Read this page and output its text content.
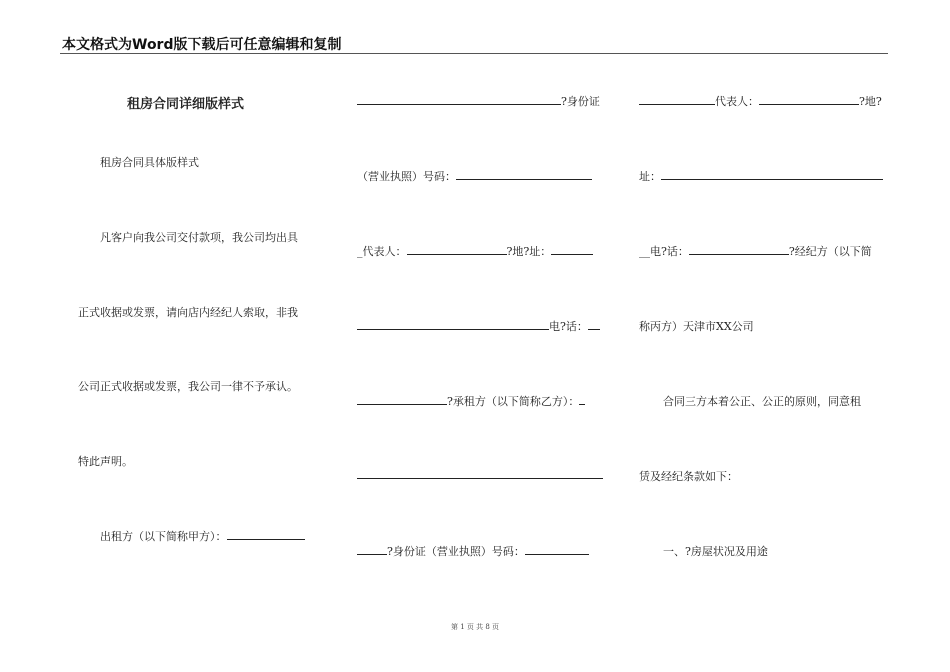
本文格式为Word版下载后可任意编辑和复制
租房合同详细版样式
租房合同具体版样式
凡客户向我公司交付款项，我公司均出具
正式收据或发票，请向店内经纪人索取，非我
公司正式收据或发票，我公司一律不予承认。
特此声明。
出租方（以下简称甲方）：
?身份证
（营业执照）号码：
_代表人：	?地?址：
电?话：
?承租方（以下简称乙方）：
?身份证（营业执照）号码：
代表人：	?地?
址：
__电?话：	?经纪方（以下简
称丙方）天津市XX公司
合同三方本着公正、公正的原则，同意租
赁及经纪条款如下：
一、?房屋状况及用途
第 1 页 共 8 页
